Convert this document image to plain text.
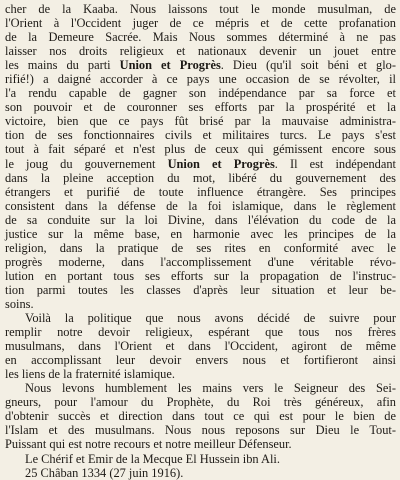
cher de la Kaaba. Nous laissons tout le monde musulman, de
l'Orient à l'Occident juger de ce mépris et de cette profanation
de la Demeure Sacrée. Mais Nous sommes déterminé à ne pas
laisser nos droits religieux et nationaux devenir un jouet entre
les mains du parti Union et Progrès. Dieu (qu'il soit béni et glo-
rifié!) a daigné accorder à ce pays une occasion de se révolter, il
l'a rendu capable de gagner son indépendance par sa force et
son pouvoir et de couronner ses efforts par la prospérité et la
victoire, bien que ce pays fût brisé par la mauvaise administra-
tion de ses fonctionnaires civils et militaires turcs. Le pays s'est
tout à fait séparé et n'est plus de ceux qui gémissent encore sous
le joug du gouvernement Union et Progrès. Il est indépendant
dans la pleine acception du mot, libéré du gouvernement des
étrangers et purifié de toute influence étrangère. Ses principes
consistent dans la défense de la foi islamique, dans le règlement
de sa conduite sur la loi Divine, dans l'élévation du code de la
justice sur la même base, en harmonie avec les principes de la
religion, dans la pratique de ses rites en conformité avec le
progrès moderne, dans l'accomplissement d'une véritable révo-
lution en portant tous ses efforts sur la propagation de l'instruc-
tion parmi toutes les classes d'après leur situation et leur be-
soins.
Voilà la politique que nous avons décidé de suivre pour
remplir notre devoir religieux, espérant que tous nos frères
musulmans, dans l'Orient et dans l'Occident, agiront de même
en accomplissant leur devoir envers nous et fortifieront ainsi
les liens de la fraternité islamique.
Nous levons humblement les mains vers le Seigneur des Sei-
gneurs, pour l'amour du Prophète, du Roi très généreux, afin
d'obtenir succès et direction dans tout ce qui est pour le bien de
l'Islam et des musulmans. Nous nous reposons sur Dieu le Tout-
Puissant qui est notre recours et notre meilleur Défenseur.
Le Chérif et Emir de la Mecque El Hussein ibn Ali.
25 Châban 1334 (27 juin 1916).
